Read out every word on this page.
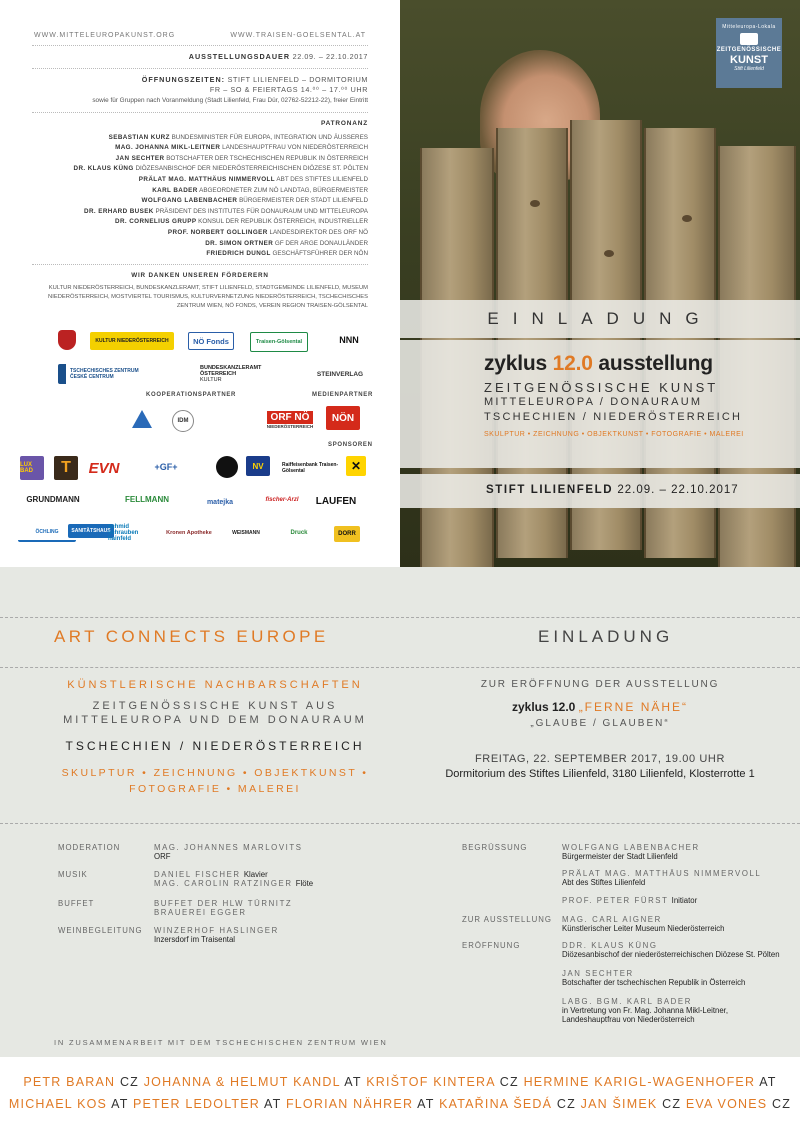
WWW.MITTELEUROPAKUNST.ORG	WWW.TRAISEN-GOELSENTAL.AT
AUSSTELLUNGSDAUER 22.09. – 22.10.2017
ÖFFNUNGSZEITEN: STIFT LILIENFELD – DORMITORIUM
FR – SO & FEIERTAGS 14.⁰⁰ – 17.⁰⁰ UHR
sowie für Gruppen nach Voranmeldung (Stadt Lilienfeld, Frau Dür, 02762-52212-22), freier Eintritt
PATRONANZ
SEBASTIAN KURZ BUNDESMINISTER FÜR EUROPA, INTEGRATION UND ÄUSSERES
MAG. JOHANNA MIKL-LEITNER LANDESHAUPTFRAU VON NIEDERÖSTERREICH
JAN SECHTER BOTSCHAFTER DER TSCHECHISCHEN REPUBLIK IN ÖSTERREICH
DR. KLAUS KÜNG DIÖZESANBISCHOF DER NIEDERÖSTERREICHISCHEN DIÖZESE ST. PÖLTEN
PRÄLAT MAG. MATTHÄUS NIMMERVOLL ABT DES STIFTES LILIENFELD
KARL BADER ABGEORDNETER ZUM NÖ LANDTAG, BÜRGERMEISTER
WOLFGANG LABENBACHER BÜRGERMEISTER DER STADT LILIENFELD
DR. ERHARD BUSEK PRÄSIDENT DES INSTITUTES FÜR DONAURAUM UND MITTELEUROPA
DR. CORNELIUS GRUPP KONSUL DER REPUBLIK ÖSTERREICH, INDUSTRIELLER
PROF. NORBERT GOLLINGER LANDESDIREKTOR DES ORF NÖ
DR. SIMON ORTNER GF DER ARGE DONAULÄNDER
FRIEDRICH DUNGL GESCHÄFTSFÜHRER DER NÖN
WIR DANKEN UNSEREN FÖRDERERN
KULTUR NIEDERÖSTERREICH, BUNDESKANZLERAMT, STIFT LILIENFELD, STADTGEMEINDE LILIENFELD, MUSEUM NIEDERÖSTERREICH, MOSTVIERTEL TOURISMUS, KULTURVERNETZUNG NIEDERÖSTERREICH, TSCHECHISCHES ZENTRUM WIEN, NÖ FONDS, VEREIN REGION TRAISEN-GÖLSENTAL
KULTUR NIEDERÖSTERREICH	NÖ Fonds	Traisen-Gölsental	NNN
TSCHECHISCHES ZENTRUM
ČESKÉ CENTRUM
BUNDESKANZLERAMT ÖSTERREICH
KULTUR
STEINVERLAG
KOOPERATIONSPARTNER	MEDIENPARTNER
IDM	ORF NÖ
NIEDERÖSTERREICH
NÖN
SPONSOREN
LUX BAD	T	EVN	+GF+	NV	Raiffeisenbank Traisen-Gölsental	✕
GRUNDMANN	FELLMANN	matejka	fischer-Arzl	LAUFEN
ÖCHLING	SANITÄTSHAUS
schmid schrauben hainfeld
Kronen Apotheke	WEISMANN	Druck	DORR
Mitteleuropa-Lokala
ZEITGENÖSSISCHE
KUNST
Stift Lilienfeld
EINLADUNG
zyklus 12.0 ausstellung
ZEITGENÖSSISCHE KUNST
MITTELEUROPA / DONAURAUM
TSCHECHIEN / NIEDERÖSTERREICH
SKULPTUR • ZEICHNUNG • OBJEKTKUNST • FOTOGRAFIE • MALEREI
STIFT LILIENFELD 22.09. – 22.10.2017
ART CONNECTS EUROPE	EINLADUNG
KÜNSTLERISCHE NACHBARSCHAFTEN
ZEITGENÖSSISCHE KUNST AUS
MITTELEUROPA UND DEM DONAURAUM
TSCHECHIEN / NIEDERÖSTERREICH
SKULPTUR • ZEICHNUNG • OBJEKTKUNST •
FOTOGRAFIE • MALEREI
ZUR ERÖFFNUNG DER AUSSTELLUNG
zyklus 12.0 „FERNE NÄHE“
„GLAUBE / GLAUBEN“
FREITAG, 22. SEPTEMBER 2017, 19.00 UHR
Dormitorium des Stiftes Lilienfeld, 3180 Lilienfeld, Klosterrotte 1
MODERATION	MAG. JOHANNES MARLOVITS
ORF
MUSIK	DANIEL FISCHER Klavier
MAG. CAROLIN RATZINGER Flöte
BUFFET	BUFFET DER HLW TÜRNITZ
BRAUEREI EGGER
WEINBEGLEITUNG	WINZERHOF HASLINGER
Inzersdorf im Traisental
BEGRÜSSUNG	WOLFGANG LABENBACHER
Bürgermeister der Stadt Lilienfeld
PRÄLAT MAG. MATTHÄUS NIMMERVOLL
Abt des Stiftes Lilienfeld
PROF. PETER FÜRST Initiator
ZUR AUSSTELLUNG	MAG. CARL AIGNER
Künstlerischer Leiter Museum Niederösterreich
ERÖFFNUNG	DDR. KLAUS KÜNG
Diözesanbischof der niederösterreichischen Diözese St. Pölten
JAN SECHTER
Botschafter der tschechischen Republik in Österreich
LABG. BGM. KARL BADER
in Vertretung von Fr. Mag. Johanna Mikl-Leitner,
Landeshauptfrau von Niederösterreich
IN ZUSAMMENARBEIT MIT DEM TSCHECHISCHEN ZENTRUM WIEN
PETR BARAN CZ JOHANNA & HELMUT KANDL AT KRIŠTOF KINTERA CZ HERMINE KARIGL-WAGENHOFER AT
MICHAEL KOS AT PETER LEDOLTER AT FLORIAN NÄHRER AT KATAŘINA ŠEDÁ CZ JAN ŠIMEK CZ EVA VONES CZ
